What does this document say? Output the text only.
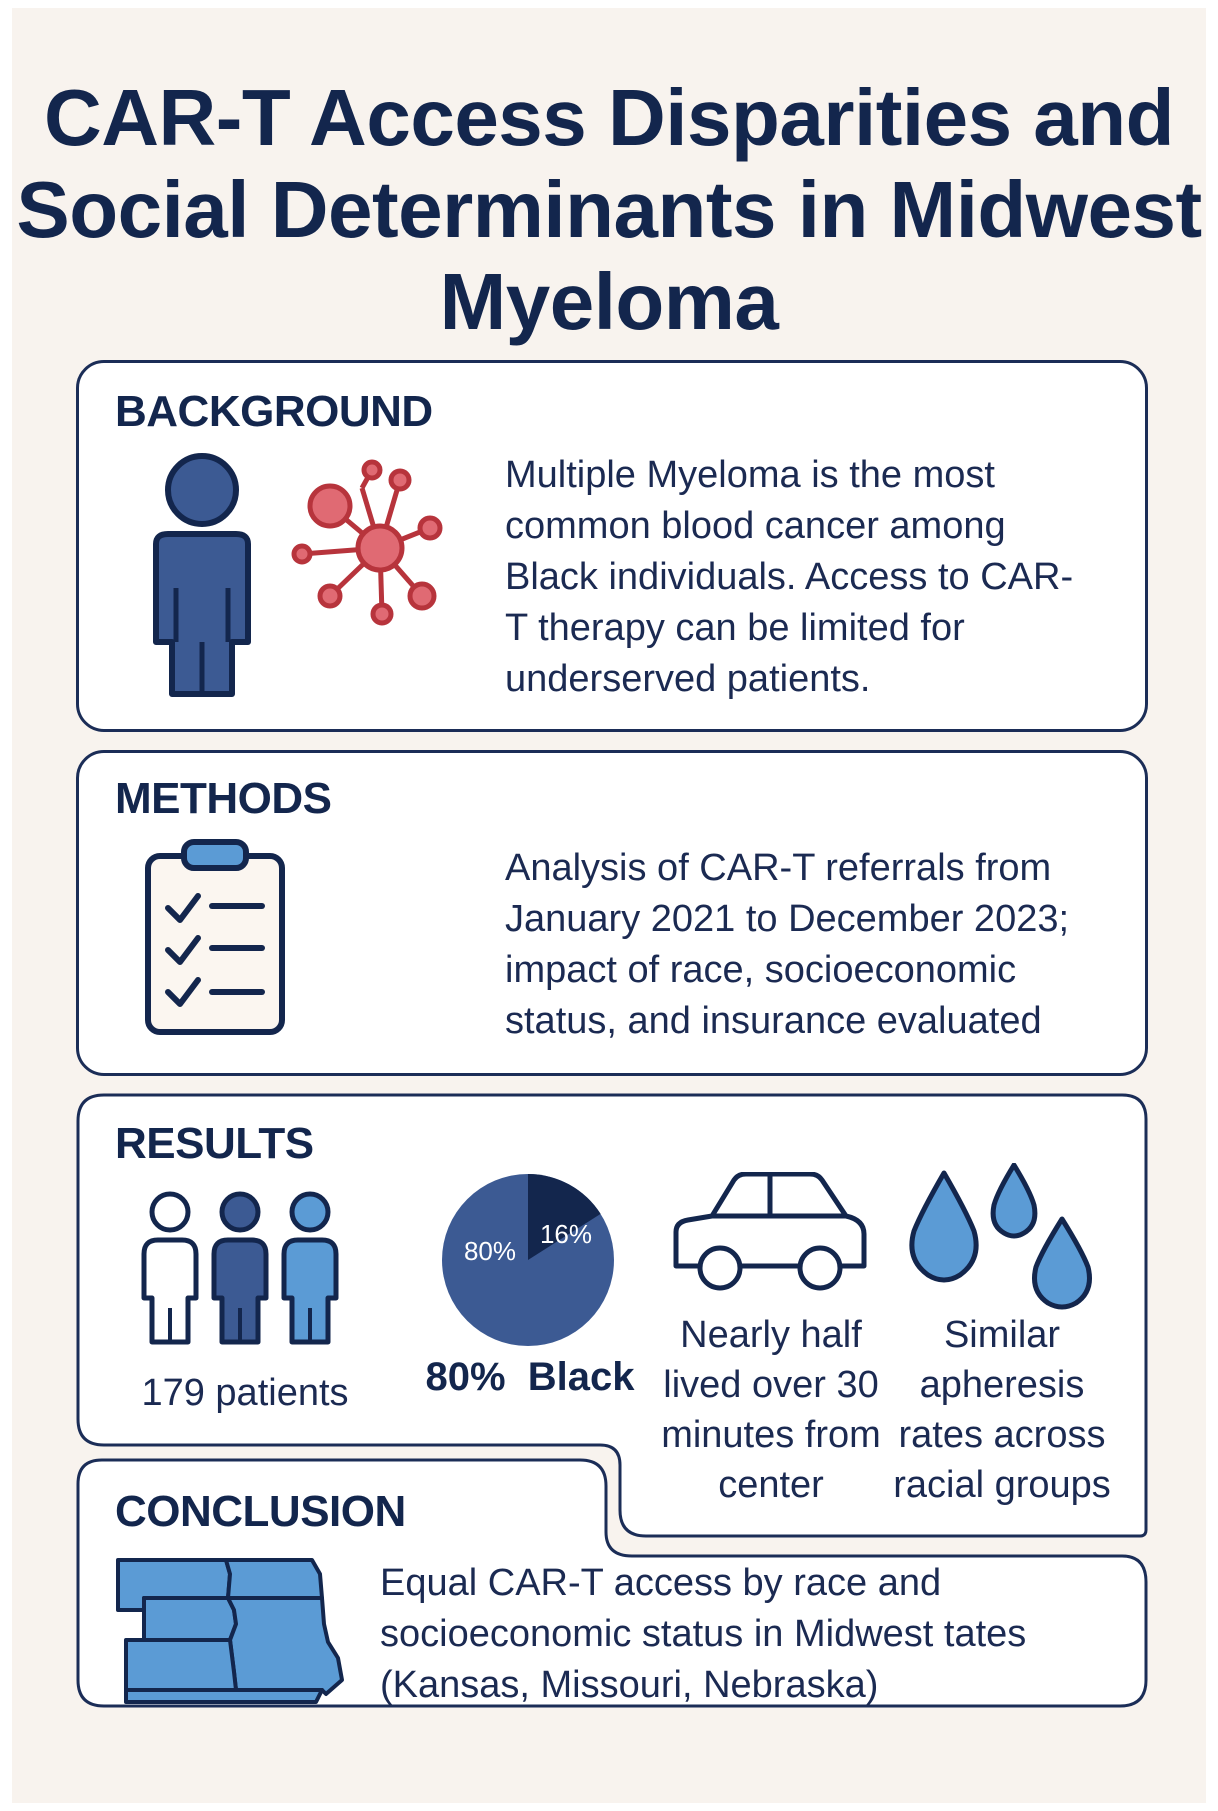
CAR-T Access Disparities and Social Determinants in Midwest Myeloma
BACKGROUND

Multiple Myeloma is the most common blood cancer among Black individuals. Access to CAR-T therapy can be limited for underserved patients.

METHODS

Analysis of CAR-T referrals from January 2021 to December 2023; impact of race, socioeconomic status, and insurance evaluated

RESULTS

179 patients

80%
16%

80% Black

Nearly half lived over 30 minutes from center

Similar apheresis rates across racial groups

CONCLUSION

Equal CAR-T access by race and socioeconomic status in Midwest tates (Kansas, Missouri, Nebraska)
